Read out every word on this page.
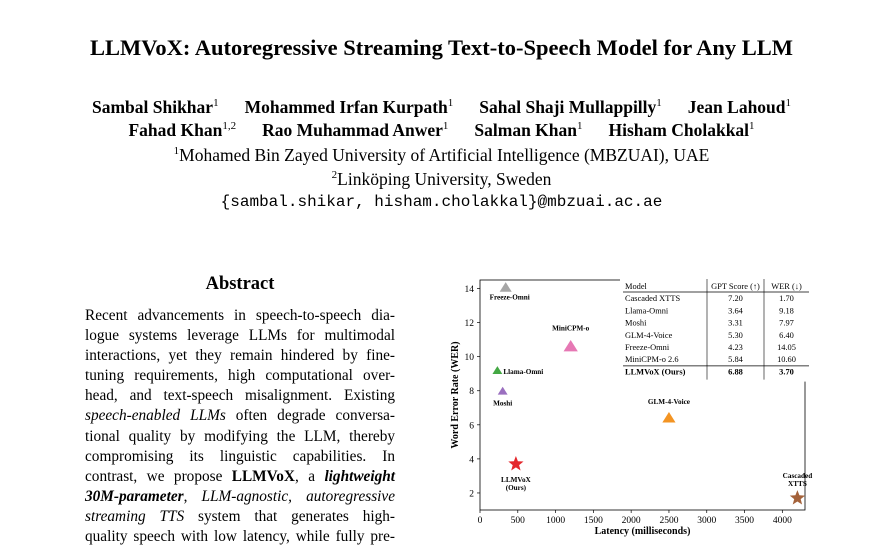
LLMVoX: Autoregressive Streaming Text-to-Speech Model for Any LLM
Sambal Shikhar$^1$ Mohammed Irfan Kurpath$^1$ Sahal Shaji Mullappilly$^1$ Jean Lahoud$^1$
Fahad Khan$^{1,2}$ Rao Muhammad Anwer$^1$ Salman Khan$^1$ Hisham Cholakkal$^1$
$^1$Mohamed Bin Zayed University of Artificial Intelligence (MBZUAI), UAE
$^2$Linköping University, Sweden
{sambal.shikar, hisham.cholakkal}@mbzuai.ac.ae
Abstract
Recent advancements in speech-to-speech dia-
logue systems leverage LLMs for multimodal
interactions, yet they remain hindered by fine-
tuning requirements, high computational over-
head, and text-speech misalignment. Existing
speech-enabled LLMs often degrade conversa-
tional quality by modifying the LLM, thereby
compromising its linguistic capabilities. In
contrast, we propose LLMVoX, a lightweight
30M-parameter, LLM-agnostic, autoregressive
streaming TTS system that generates high-
quality speech with low latency, while fully pre-
0	500 1000 1500 2000 2500 3000 3500 4000
2
4
6
8
10
12
14
Latency (milliseconds)
Word Error Rate (WER)
Freeze-Omni
MiniCPM-o
Llama-Omni
Moshi	GLM-4-Voice
LLMVoX (Ours)
Cascaded XTTS
Model	GPT Score (↑) WER (↓)
Cascaded XTTS	7.20	1.70
Llama-Omni	3.64	9.18
Moshi	3.31	7.97
GLM-4-Voice	5.30	6.40
Freeze-Omni	4.23	14.05
MiniCPM-o 2.6	5.84	10.60
LLMVoX (Ours)	6.88	3.70
